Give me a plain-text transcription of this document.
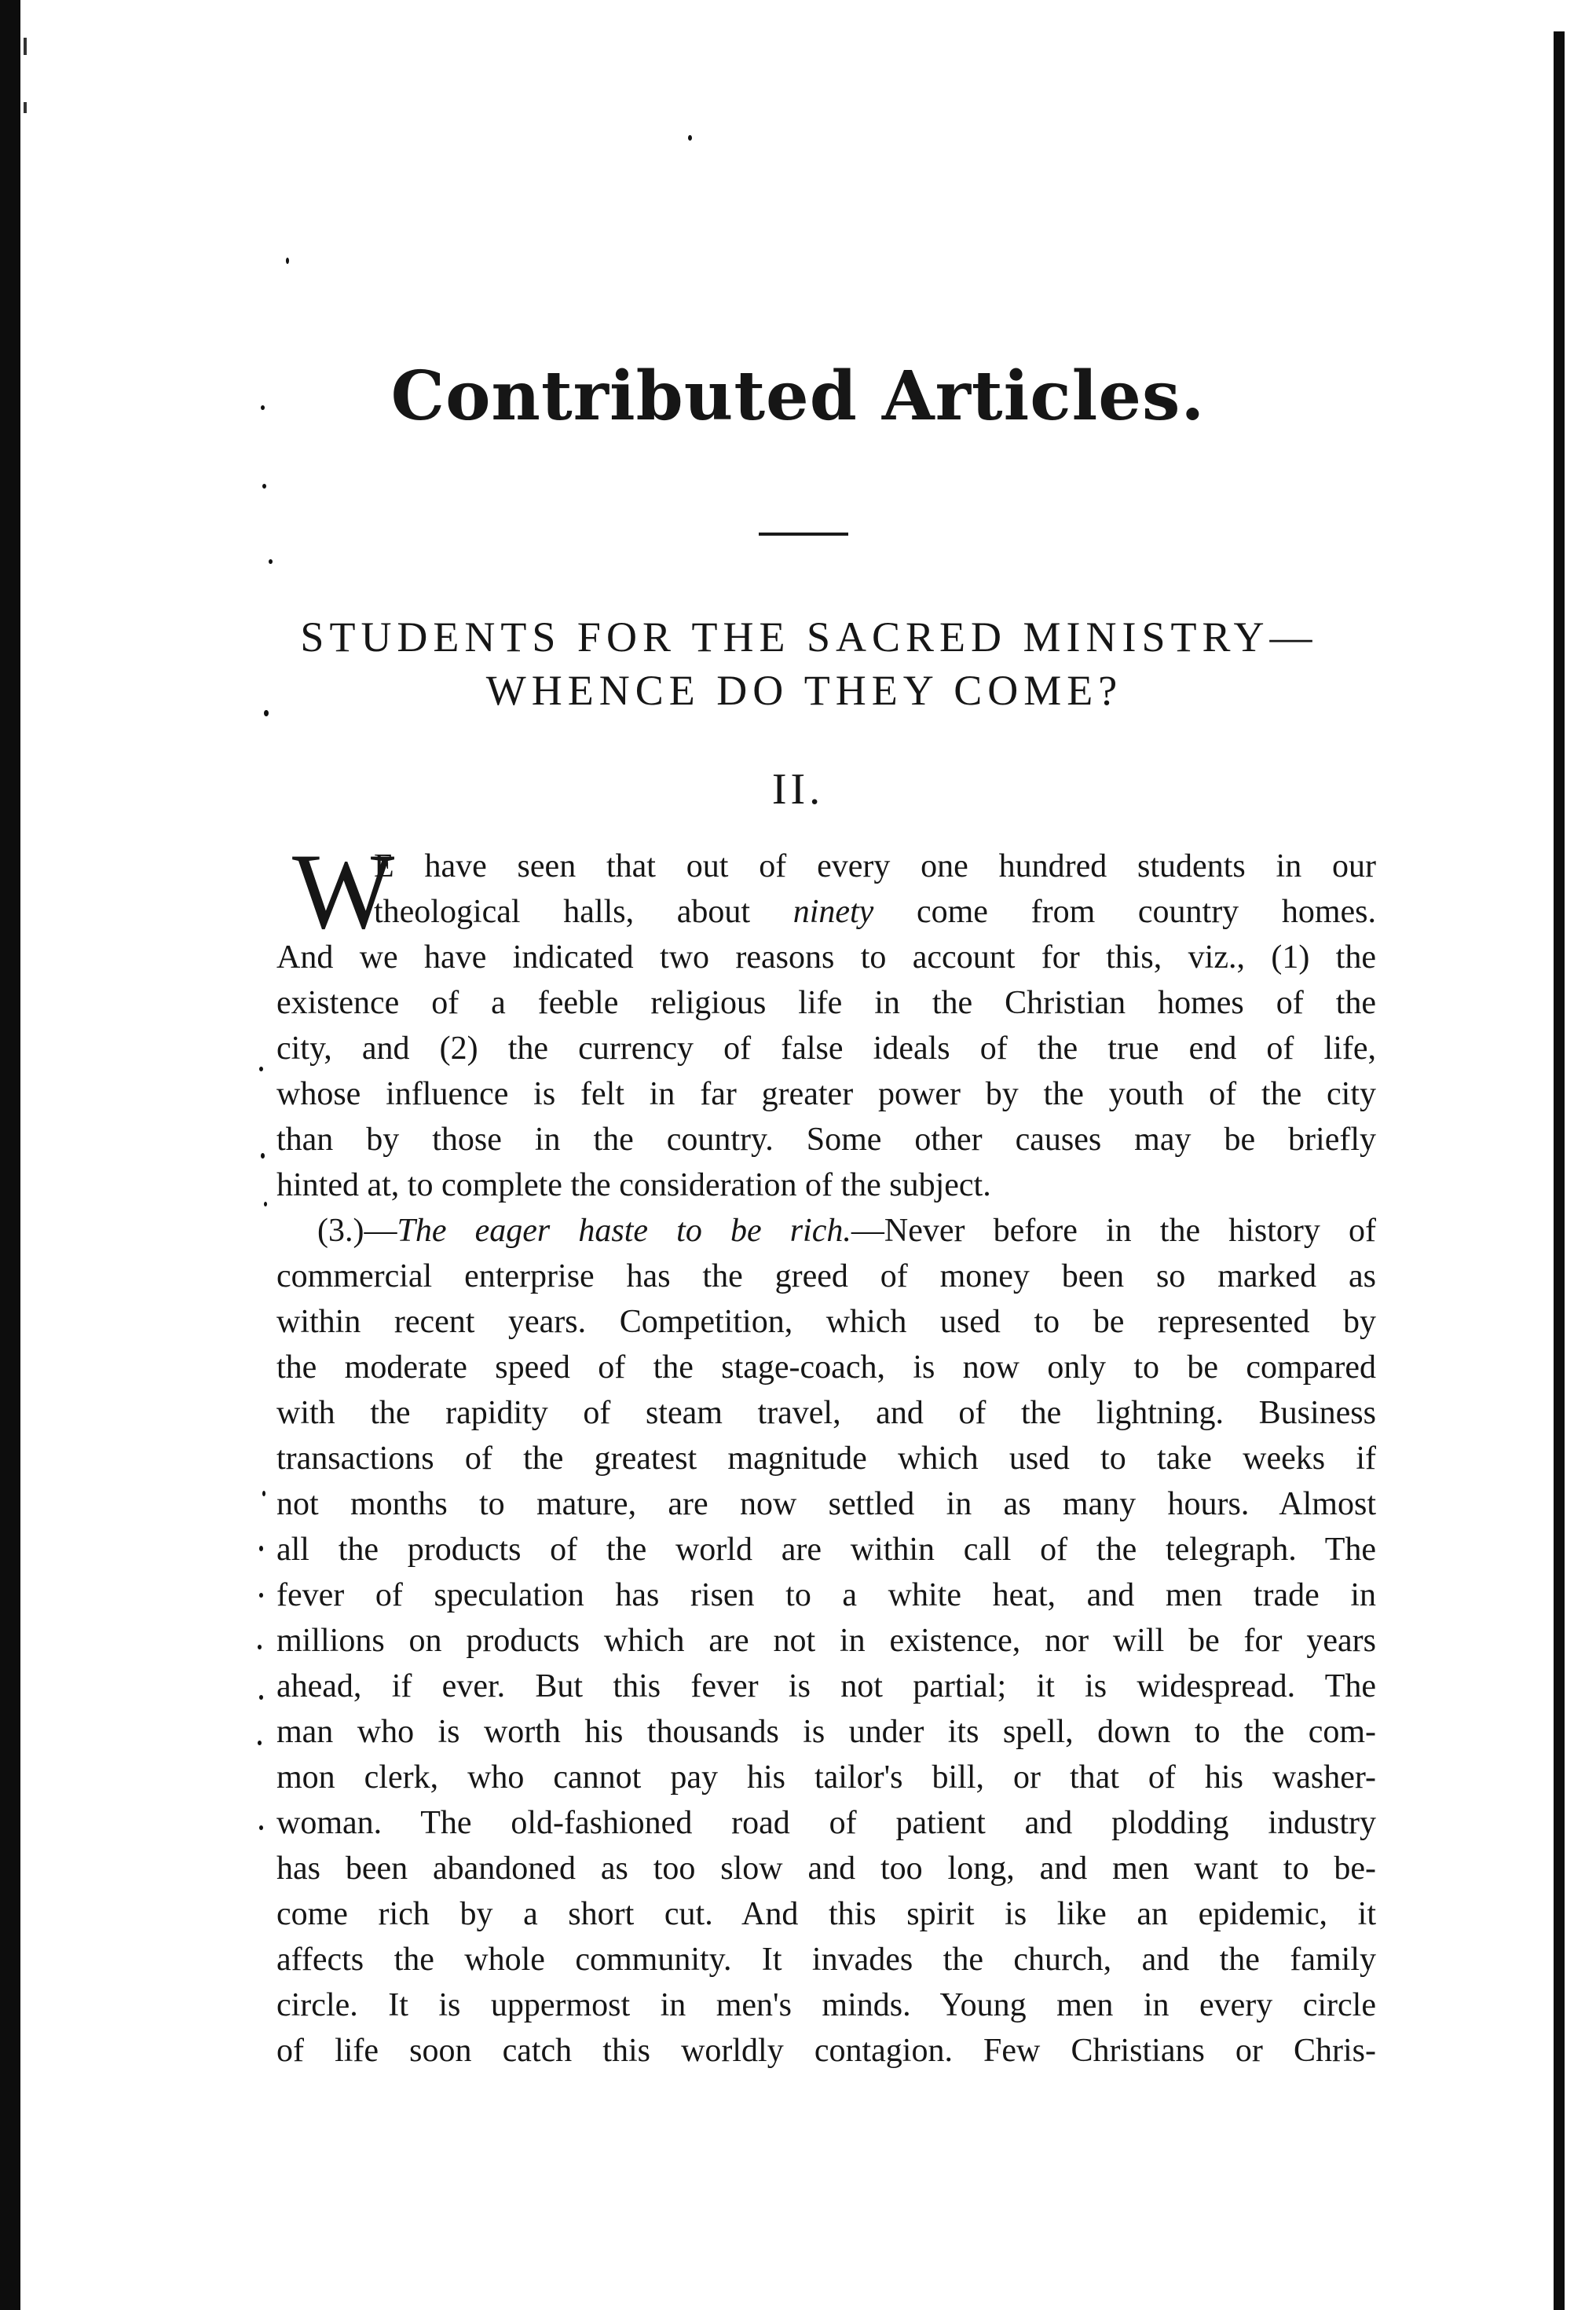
Contributed Articles.
STUDENTS FOR THE SACRED MINISTRY—
WHENCE DO THEY COME?
II.
W
E have seen that out of every one hundred students in our
theological halls, about ninety come from country homes.
And we have indicated two reasons to account for this, viz., (1) the
existence of a feeble religious life in the Christian homes of the
city, and (2) the currency of false ideals of the true end of life,
whose influence is felt in far greater power by the youth of the city
than by those in the country. Some other causes may be briefly
hinted at, to complete the consideration of the subject.
(3.)—The eager haste to be rich.—Never before in the history of
commercial enterprise has the greed of money been so marked as
within recent years. Competition, which used to be represented by
the moderate speed of the stage-coach, is now only to be compared
with the rapidity of steam travel, and of the lightning. Business
transactions of the greatest magnitude which used to take weeks if
not months to mature, are now settled in as many hours. Almost
all the products of the world are within call of the telegraph. The
fever of speculation has risen to a white heat, and men trade in
millions on products which are not in existence, nor will be for years
ahead, if ever. But this fever is not partial; it is widespread. The
man who is worth his thousands is under its spell, down to the com-
mon clerk, who cannot pay his tailor's bill, or that of his washer-
woman. The old-fashioned road of patient and plodding industry
has been abandoned as too slow and too long, and men want to be-
come rich by a short cut. And this spirit is like an epidemic, it
affects the whole community. It invades the church, and the family
circle. It is uppermost in men's minds. Young men in every circle
of life soon catch this worldly contagion. Few Christians or Chris-
